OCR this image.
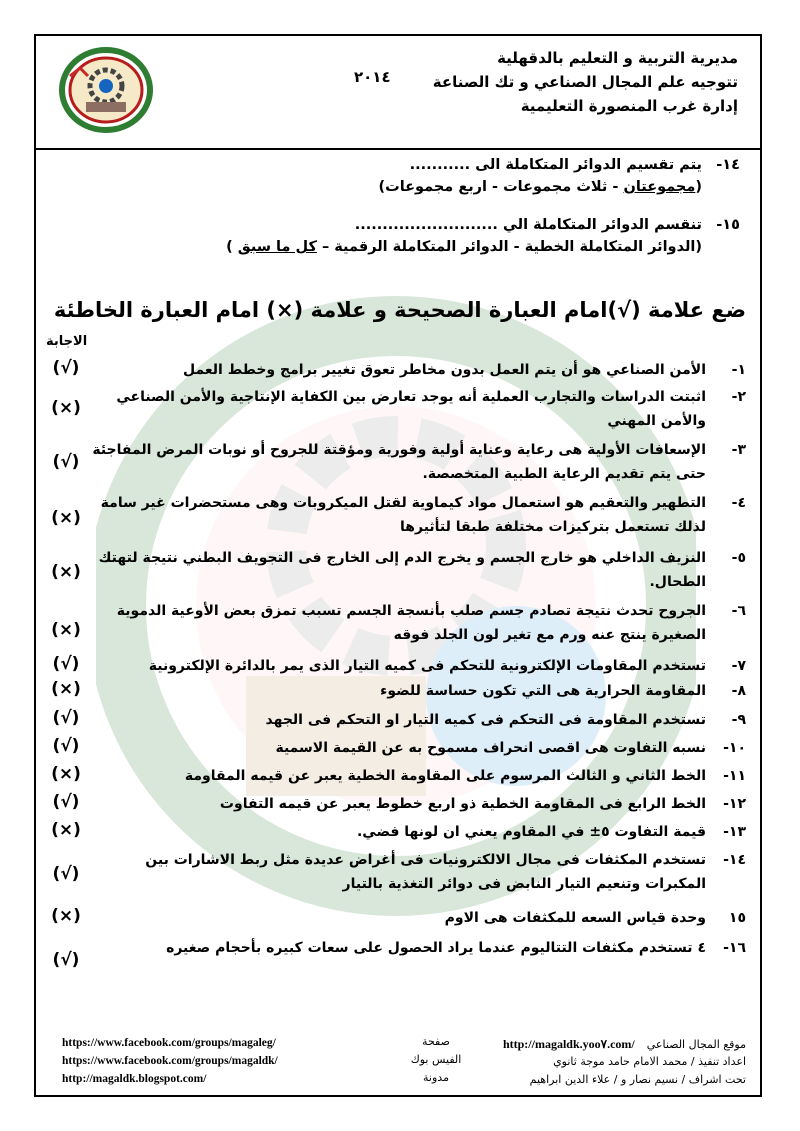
مديرية التربية و التعليم بالدقهلية
تتوجيه علم المجال الصناعي و تك الصناعة
إدارة غرب المنصورة التعليمية
٢٠١٤
١٤-يتم تقسيم الدوائر المتكاملة الى ...........
(مجموعتان - ثلاث مجموعات - اربع مجموعات)
١٥-تنقسم الدوائر المتكاملة الي ..........................
(الدوائر المتكاملة الخطية - الدوائر المتكاملة الرقمية – كل ما سبق )
ضع علامة (√)امام العبارة الصحيحة و علامة (×) امام العبارة الخاطئة
الاجابة
١-
الأمن الصناعي هو أن يتم العمل بدون مخاطر تعوق تغيير برامج وخطط العمل
(√)
٢-
اثبتت الدراسات والتجارب العملية أنه يوجد تعارض بين الكفاية الإنتاجية والأمن الصناعي والأمن المهني
(×)
٣-
الإسعافات الأولية هى رعاية وعناية أولية وفورية ومؤقتة للجروح أو نوبات المرض المفاجئة حتى يتم تقديم الرعاية الطبية المتخصصة.
(√)
٤-
التطهير والتعقيم هو استعمال مواد كيماوية لقتل الميكروبات وهى مستحضرات غير سامة لذلك تستعمل بتركيزات مختلفة طبقا لتأثيرها
(×)
٥-
النزيف الداخلي هو خارج الجسم و يخرج الدم إلى الخارج فى التجويف البطني نتيجة لتهتك الطحال.
(×)
٦-
الجروح تحدث نتيجة تصادم جسم صلب بأنسجة الجسم تسبب تمزق بعض الأوعية الدموية الصغيرة ينتج عنه ورم مع تغير لون الجلد فوقه
(×)
٧-
تستخدم المقاومات الإلكترونية للتحكم فى كميه التيار الذى يمر بالدائرة الإلكترونية
(√)
٨-
المقاومة الحرارية هى التي تكون حساسة للضوء
(×)
٩-
تستخدم المقاومة فى التحكم فى كميه التيار او التحكم فى الجهد
(√)
١٠-
نسبه التفاوت هى اقصى انحراف مسموح به عن القيمة الاسمية
(√)
١١-
الخط الثاني و الثالث المرسوم على المقاومة الخطية يعبر عن قيمه المقاومة
(×)
١٢-
الخط الرابع فى المقاومة الخطية ذو اربع خطوط يعبر عن قيمه التفاوت
(√)
١٣-
قيمة التفاوت ٥± في المقاوم يعني ان لونها فضي.
(×)
١٤-
تستخدم المكثفات فى مجال الالكترونيات فى أغراض عديدة مثل ربط الاشارات بين المكبرات وتنعيم التيار النابض فى دوائر التغذية بالتيار
(√)
١٥
وحدة قياس السعه للمكثفات هى الاوم
(×)
١٦-
٤ تستخدم مكثفات التتاليوم عندما يراد الحصول على سعات كبيره بأحجام صغيره
(√)
https://www.facebook.com/groups/magaleg/
https://www.facebook.com/groups/magaldk/
http://magaldk.blogspot.com/
صفحة
الفيس بوك
مدونة
موقع المجال الصناعيhttp://magaldk.yoo٧.com/
اعداد تنفيذ / محمد الامام حامد موجة ثانوي
تحت اشراف / نسيم نصار و / علاء الدين ابراهيم
